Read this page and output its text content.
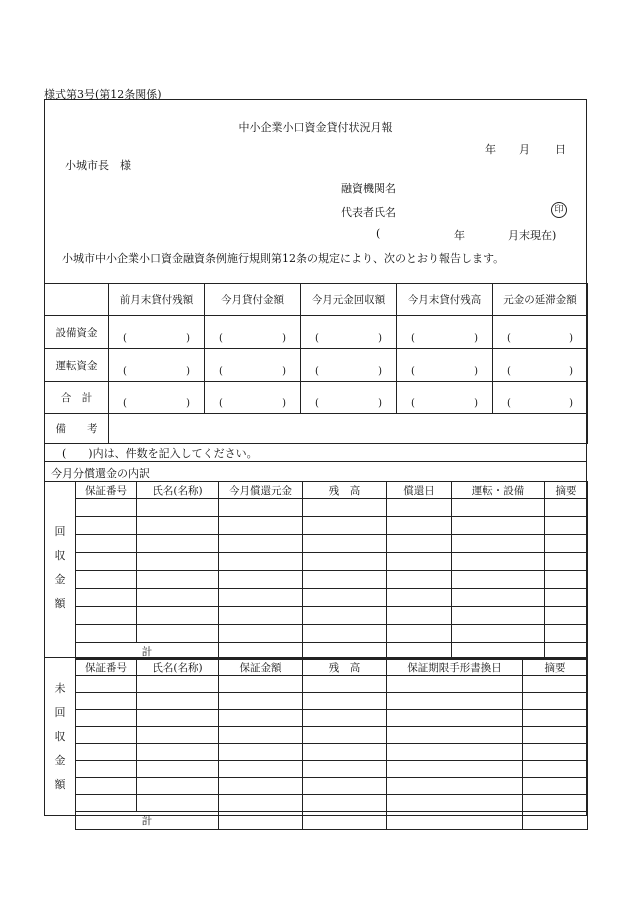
様式第3号(第12条関係)
中小企業小口資金貸付状況月報
年 月 日
小城市長　様
融資機関名
代表者氏名	印
(	年	月末現在)
小城市中小企業小口資金融資条例施行規則第12条の規定により、次のとおり報告します。
	前月末貸付残額	今月貸付金額	今月元金回収額	今月末貸付残高	元金の延滞金額
設備資金	( )	( )	( )	( )	( )

運転資金	( )	( )	( )	( )	( )

合　計	( )	( )	( )	( )	( )

備　　考					
(　　)内は、件数を記入してください。
今月分償還金の内訳
回
収
金
額
保証番号	氏名(名称)	今月償還元金	残　高	償還日	運転・設備	摘要

計						
未
回
収
金
額
保証番号	氏名(名称)	保証金額	残　高	保証期限手形書換日	摘要

計					
